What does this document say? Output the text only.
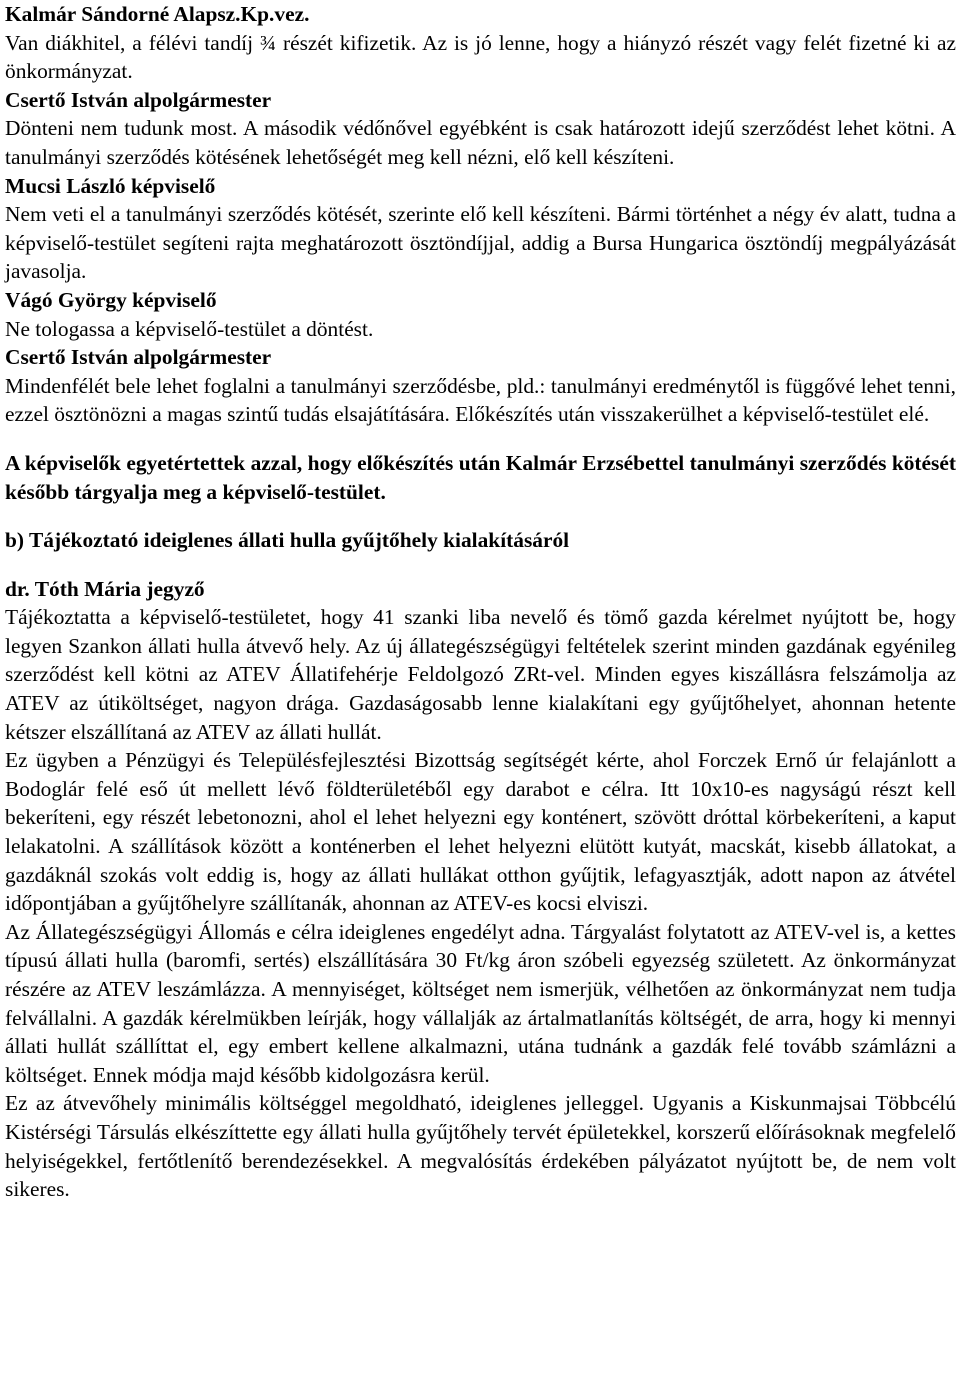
Kalmár Sándorné Alapsz.Kp.vez.

Van diákhitel, a félévi tandíj ¾ részét kifizetik. Az is jó lenne, hogy a hiányzó részét vagy felét fizetné ki az önkormányzat.

Csertő István alpolgármester

Dönteni nem tudunk most. A második védőnővel egyébként is csak határozott idejű szerződést lehet kötni. A tanulmányi szerződés kötésének lehetőségét meg kell nézni, elő kell készíteni.

Mucsi László képviselő

Nem veti el a tanulmányi szerződés kötését, szerinte elő kell készíteni. Bármi történhet a négy év alatt, tudna a képviselő-testület segíteni rajta meghatározott ösztöndíjjal, addig a Bursa Hungarica ösztöndíj megpályázását javasolja.

Vágó György képviselő

Ne tologassa a képviselő-testület a döntést.

Csertő István alpolgármester

Mindenfélét bele lehet foglalni a tanulmányi szerződésbe, pld.: tanulmányi eredménytől is függővé lehet tenni, ezzel ösztönözni a magas szintű tudás elsajátítására. Előkészítés után visszakerülhet a képviselő-testület elé.

A képviselők egyetértettek azzal, hogy előkészítés után Kalmár Erzsébettel tanulmányi szerződés kötését később tárgyalja meg a képviselő-testület.

b) Tájékoztató ideiglenes állati hulla gyűjtőhely kialakításáról

dr. Tóth Mária jegyző

Tájékoztatta a képviselő-testületet, hogy 41 szanki liba nevelő és tömő gazda kérelmet nyújtott be, hogy legyen Szankon állati hulla átvevő hely. Az új állategészségügyi feltételek szerint minden gazdának egyénileg szerződést kell kötni az ATEV Állatifehérje Feldolgozó ZRt-vel. Minden egyes kiszállásra felszámolja az ATEV az útiköltséget, nagyon drága. Gazdaságosabb lenne kialakítani egy gyűjtőhelyet, ahonnan hetente kétszer elszállítaná az ATEV az állati hullát.

Ez ügyben a Pénzügyi és Településfejlesztési Bizottság segítségét kérte, ahol Forczek Ernő úr felajánlott a Bodoglár felé eső út mellett lévő földterületéből egy darabot e célra. Itt 10x10-es nagyságú részt kell bekeríteni, egy részét lebetonozni, ahol el lehet helyezni egy konténert, szövött dróttal körbekeríteni, a kaput lelakatolni. A szállítások között a konténerben el lehet helyezni elütött kutyát, macskát, kisebb állatokat, a gazdáknál szokás volt eddig is, hogy az állati hullákat otthon gyűjtik, lefagyasztják, adott napon az átvétel időpontjában a gyűjtőhelyre szállítanák, ahonnan az ATEV-es kocsi elviszi.

Az Állategészségügyi Állomás e célra ideiglenes engedélyt adna. Tárgyalást folytatott az ATEV-vel is, a kettes típusú állati hulla (baromfi, sertés) elszállítására 30 Ft/kg áron szóbeli egyezség született. Az önkormányzat részére az ATEV leszámlázza. A mennyiséget, költséget nem ismerjük, vélhetően az önkormányzat nem tudja felvállalni. A gazdák kérelmükben leírják, hogy vállalják az ártalmatlanítás költségét, de arra, hogy ki mennyi állati hullát szállíttat el, egy embert kellene alkalmazni, utána tudnánk a gazdák felé tovább számlázni a költséget. Ennek módja majd később kidolgozásra kerül.

Ez az átvevőhely minimális költséggel megoldható, ideiglenes jelleggel. Ugyanis a Kiskunmajsai Többcélú Kistérségi Társulás elkészíttette egy állati hulla gyűjtőhely tervét épületekkel, korszerű előírásoknak megfelelő helyiségekkel, fertőtlenítő berendezésekkel. A megvalósítás érdekében pályázatot nyújtott be, de nem volt sikeres.
